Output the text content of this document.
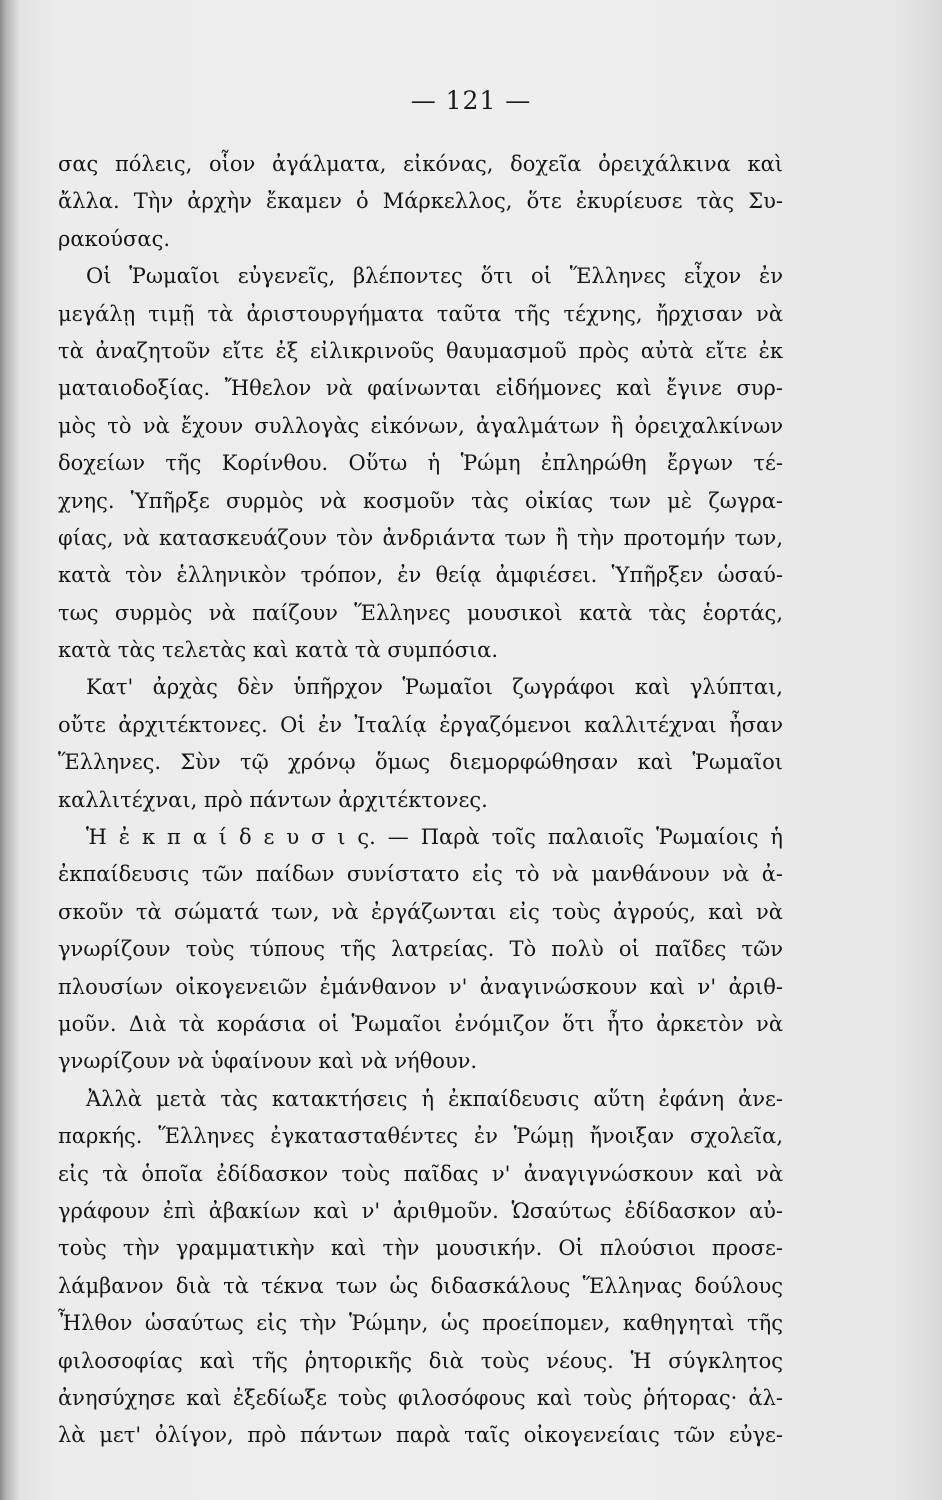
— 121 —
σας πόλεις, οἷον ἀγάλματα, εἰκόνας, δοχεῖα ὀρειχάλκινα καὶ
ἄλλα. Τὴν ἀρχὴν ἔκαμεν ὁ Μάρκελλος, ὅτε ἐκυρίευσε τὰς Συ-
ρακούσας.
Οἱ Ῥωμαῖοι εὐγενεῖς, βλέποντες ὅτι οἱ Ἕλληνες εἶχον ἐν
μεγάλῃ τιμῇ τὰ ἀριστουργήματα ταῦτα τῆς τέχνης, ἤρχισαν νὰ
τὰ ἀναζητοῦν εἴτε ἐξ εἰλικρινοῦς θαυμασμοῦ πρὸς αὐτὰ εἴτε ἐκ
ματαιοδοξίας. Ἤθελον νὰ φαίνωνται εἰδήμονες καὶ ἔγινε συρ-
μὸς τὸ νὰ ἔχουν συλλογὰς εἰκόνων, ἀγαλμάτων ἢ ὀρειχαλκίνων
δοχείων τῆς Κορίνθου. Οὕτω ἡ Ῥώμη ἐπληρώθη ἔργων τέ-
χνης. Ὑπῆρξε συρμὸς νὰ κοσμοῦν τὰς οἰκίας των μὲ ζωγρα-
φίας, νὰ κατασκευάζουν τὸν ἀνδριάντα των ἢ τὴν προτομήν των,
κατὰ τὸν ἑλληνικὸν τρόπον, ἐν θείᾳ ἀμφιέσει. Ὑπῆρξεν ὡσαύ-
τως συρμὸς νὰ παίζουν Ἕλληνες μουσικοὶ κατὰ τὰς ἑορτάς,
κατὰ τὰς τελετὰς καὶ κατὰ τὰ συμπόσια.
Κατ' ἀρχὰς δὲν ὑπῆρχον Ῥωμαῖοι ζωγράφοι καὶ γλύπται,
οὔτε ἀρχιτέκτονες. Οἱ ἐν Ἰταλίᾳ ἐργαζόμενοι καλλιτέχναι ἦσαν
Ἕλληνες. Σὺν τῷ χρόνῳ ὅμως διεμορφώθησαν καὶ Ῥωμαῖοι
καλλιτέχναι, πρὸ πάντων ἀρχιτέκτονες.
Ἡ ἐ κ π α ί δ ε υ σ ι ς. — Παρὰ τοῖς παλαιοῖς Ῥωμαίοις ἡ
ἐκπαίδευσις τῶν παίδων συνίστατο εἰς τὸ νὰ μανθάνουν νὰ ἀ-
σκοῦν τὰ σώματά των, νὰ ἐργάζωνται εἰς τοὺς ἀγρούς, καὶ νὰ
γνωρίζουν τοὺς τύπους τῆς λατρείας. Τὸ πολὺ οἱ παῖδες τῶν
πλουσίων οἰκογενειῶν ἐμάνθανον ν' ἀναγινώσκουν καὶ ν' ἀριθ-
μοῦν. Διὰ τὰ κοράσια οἱ Ῥωμαῖοι ἐνόμιζον ὅτι ἦτο ἀρκετὸν νὰ
γνωρίζουν νὰ ὑφαίνουν καὶ νὰ νήθουν.
Ἀλλὰ μετὰ τὰς κατακτήσεις ἡ ἐκπαίδευσις αὕτη ἐφάνη ἀνε-
παρκής. Ἕλληνες ἐγκατασταθέντες ἐν Ῥώμῃ ἤνοιξαν σχολεῖα,
εἰς τὰ ὁποῖα ἐδίδασκον τοὺς παῖδας ν' ἀναγιγνώσκουν καὶ νὰ
γράφουν ἐπὶ ἀβακίων καὶ ν' ἀριθμοῦν. Ὡσαύτως ἐδίδασκον αὐ-
τοὺς τὴν γραμματικὴν καὶ τὴν μουσικήν. Οἱ πλούσιοι προσε-
λάμβανον διὰ τὰ τέκνα των ὡς διδασκάλους Ἕλληνας δούλους
Ἦλθον ὡσαύτως εἰς τὴν Ῥώμην, ὡς προείπομεν, καθηγηταὶ τῆς
φιλοσοφίας καὶ τῆς ῥητορικῆς διὰ τοὺς νέους. Ἡ σύγκλητος
ἀνησύχησε καὶ ἐξεδίωξε τοὺς φιλοσόφους καὶ τοὺς ῥήτορας· ἀλ-
λὰ μετ' ὀλίγον, πρὸ πάντων παρὰ ταῖς οἰκογενείαις τῶν εὐγε-
